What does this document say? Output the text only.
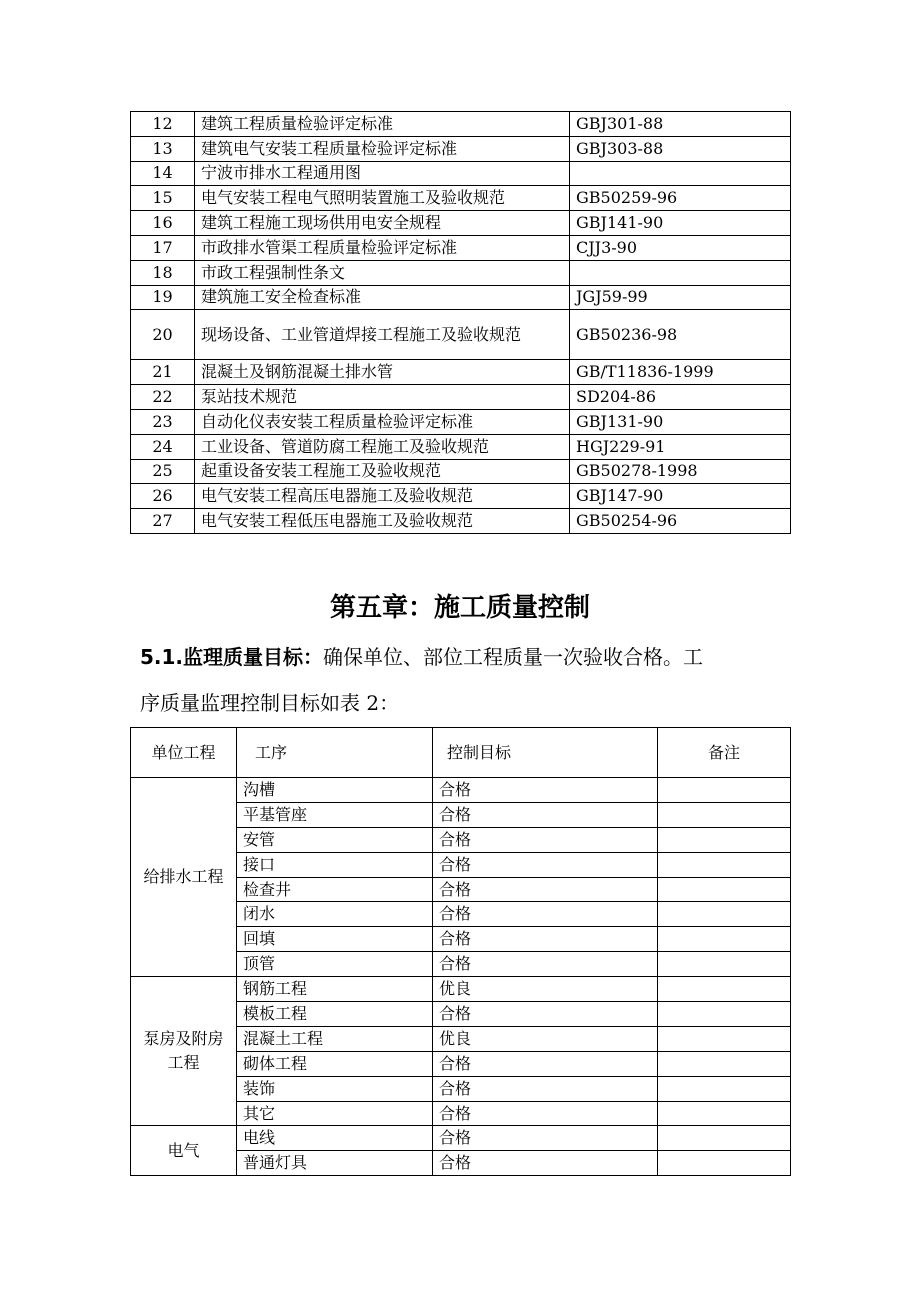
12	建筑工程质量检验评定标准	GBJ301-88
13	建筑电气安装工程质量检验评定标准	GBJ303-88
14	宁波市排水工程通用图	
15	电气安装工程电气照明装置施工及验收规范	GB50259-96
16	建筑工程施工现场供用电安全规程	GBJ141-90
17	市政排水管渠工程质量检验评定标准	CJJ3-90
18	市政工程强制性条文	
19	建筑施工安全检查标准	JGJ59-99
20	现场设备、工业管道焊接工程施工及验收规范	GB50236-98
21	混凝土及钢筋混凝土排水管	GB/T11836-1999
22	泵站技术规范	SD204-86
23	自动化仪表安装工程质量检验评定标准	GBJ131-90
24	工业设备、管道防腐工程施工及验收规范	HGJ229-91
25	起重设备安装工程施工及验收规范	GB50278-1998
26	电气安装工程高压电器施工及验收规范	GBJ147-90
27	电气安装工程低压电器施工及验收规范	GB50254-96
第五章：施工质量控制
5.1.监理质量目标：确保单位、部位工程质量一次验收合格。工
序质量监理控制目标如表 2：
单位工程	工序	控制目标	备注
给排水工程	沟槽	合格	
	平基管座	合格	
	安管	合格	
	接口	合格	
	检查井	合格	
	闭水	合格	
	回填	合格	
	顶管	合格	
泵房及附房工程	钢筋工程	优良	
	模板工程	合格	
	混凝土工程	优良	
	砌体工程	合格	
	装饰	合格	
	其它	合格	
电气	电线	合格	
	普通灯具	合格	
